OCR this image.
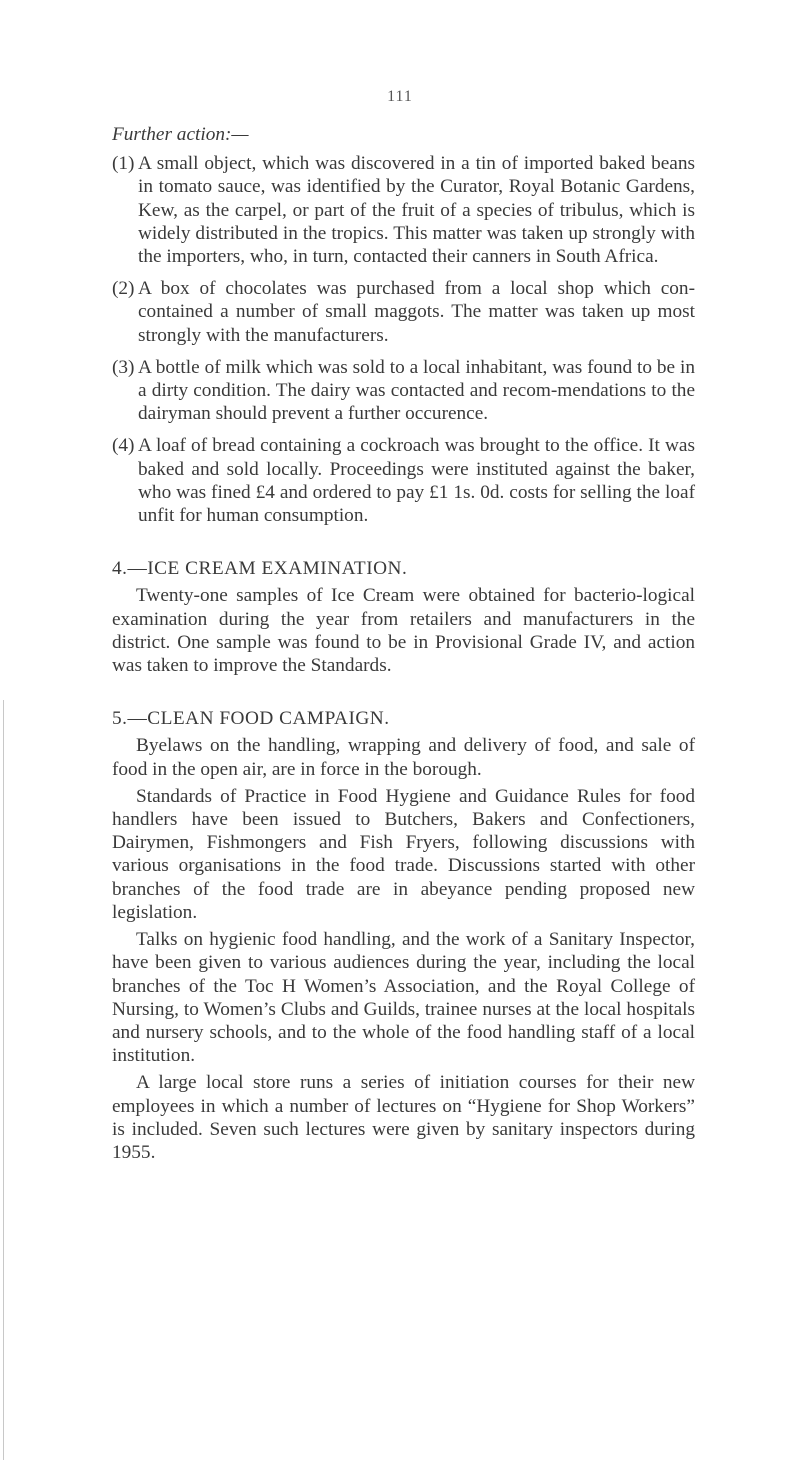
111
Further action:—
(1) A small object, which was discovered in a tin of imported baked beans in tomato sauce, was identified by the Curator, Royal Botanic Gardens, Kew, as the carpel, or part of the fruit of a species of tribulus, which is widely distributed in the tropics. This matter was taken up strongly with the importers, who, in turn, contacted their canners in South Africa.
(2) A box of chocolates was purchased from a local shop which con-contained a number of small maggots. The matter was taken up most strongly with the manufacturers.
(3) A bottle of milk which was sold to a local inhabitant, was found to be in a dirty condition. The dairy was contacted and recom-mendations to the dairyman should prevent a further occurence.
(4) A loaf of bread containing a cockroach was brought to the office. It was baked and sold locally. Proceedings were instituted against the baker, who was fined £4 and ordered to pay £1 1s. 0d. costs for selling the loaf unfit for human consumption.
4.—ICE CREAM EXAMINATION.
Twenty-one samples of Ice Cream were obtained for bacterio-logical examination during the year from retailers and manufacturers in the district. One sample was found to be in Provisional Grade IV, and action was taken to improve the Standards.
5.—CLEAN FOOD CAMPAIGN.
Byelaws on the handling, wrapping and delivery of food, and sale of food in the open air, are in force in the borough.
Standards of Practice in Food Hygiene and Guidance Rules for food handlers have been issued to Butchers, Bakers and Confectioners, Dairymen, Fishmongers and Fish Fryers, following discussions with various organisations in the food trade. Discussions started with other branches of the food trade are in abeyance pending proposed new legislation.
Talks on hygienic food handling, and the work of a Sanitary Inspector, have been given to various audiences during the year, including the local branches of the Toc H Women’s Association, and the Royal College of Nursing, to Women’s Clubs and Guilds, trainee nurses at the local hospitals and nursery schools, and to the whole of the food handling staff of a local institution.
A large local store runs a series of initiation courses for their new employees in which a number of lectures on “Hygiene for Shop Workers” is included. Seven such lectures were given by sanitary inspectors during 1955.
